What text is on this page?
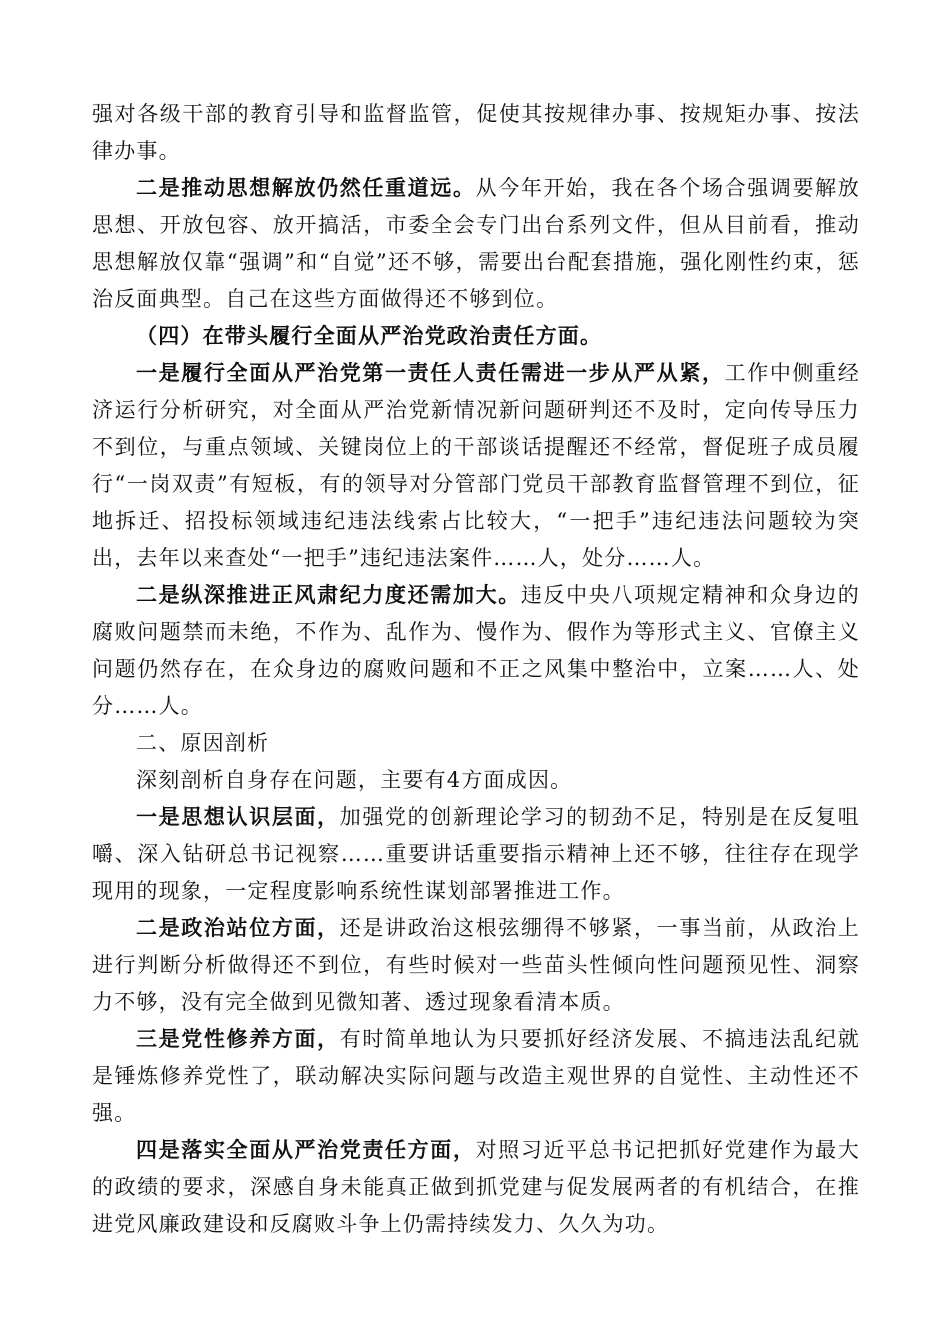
强对各级干部的教育引导和监督监管，促使其按规律办事、按规矩办事、按法律办事。

二是推动思想解放仍然任重道远。从今年开始，我在各个场合强调要解放思想、开放包容、放开搞活，市委全会专门出台系列文件，但从目前看，推动思想解放仅靠“强调”和“自觉”还不够，需要出台配套措施，强化刚性约束，惩治反面典型。自己在这些方面做得还不够到位。

（四）在带头履行全面从严治党政治责任方面。

一是履行全面从严治党第一责任人责任需进一步从严从紧，工作中侧重经济运行分析研究，对全面从严治党新情况新问题研判还不及时，定向传导压力不到位，与重点领域、关键岗位上的干部谈话提醒还不经常，督促班子成员履行“一岗双责”有短板，有的领导对分管部门党员干部教育监督管理不到位，征地拆迁、招投标领域违纪违法线索占比较大，“一把手”违纪违法问题较为突出，去年以来查处“一把手”违纪违法案件……人，处分……人。

二是纵深推进正风肃纪力度还需加大。违反中央八项规定精神和众身边的腐败问题禁而未绝，不作为、乱作为、慢作为、假作为等形式主义、官僚主义问题仍然存在，在众身边的腐败问题和不正之风集中整治中，立案……人、处分……人。

二、原因剖析

深刻剖析自身存在问题，主要有4方面成因。

一是思想认识层面，加强党的创新理论学习的韧劲不足，特别是在反复咀嚼、深入钻研总书记视察……重要讲话重要指示精神上还不够，往往存在现学现用的现象，一定程度影响系统性谋划部署推进工作。

二是政治站位方面，还是讲政治这根弦绷得不够紧，一事当前，从政治上进行判断分析做得还不到位，有些时候对一些苗头性倾向性问题预见性、洞察力不够，没有完全做到见微知著、透过现象看清本质。

三是党性修养方面，有时简单地认为只要抓好经济发展、不搞违法乱纪就是锤炼修养党性了，联动解决实际问题与改造主观世界的自觉性、主动性还不强。

四是落实全面从严治党责任方面，对照习近平总书记把抓好党建作为最大的政绩的要求，深感自身未能真正做到抓党建与促发展两者的有机结合，在推进党风廉政建设和反腐败斗争上仍需持续发力、久久为功。
